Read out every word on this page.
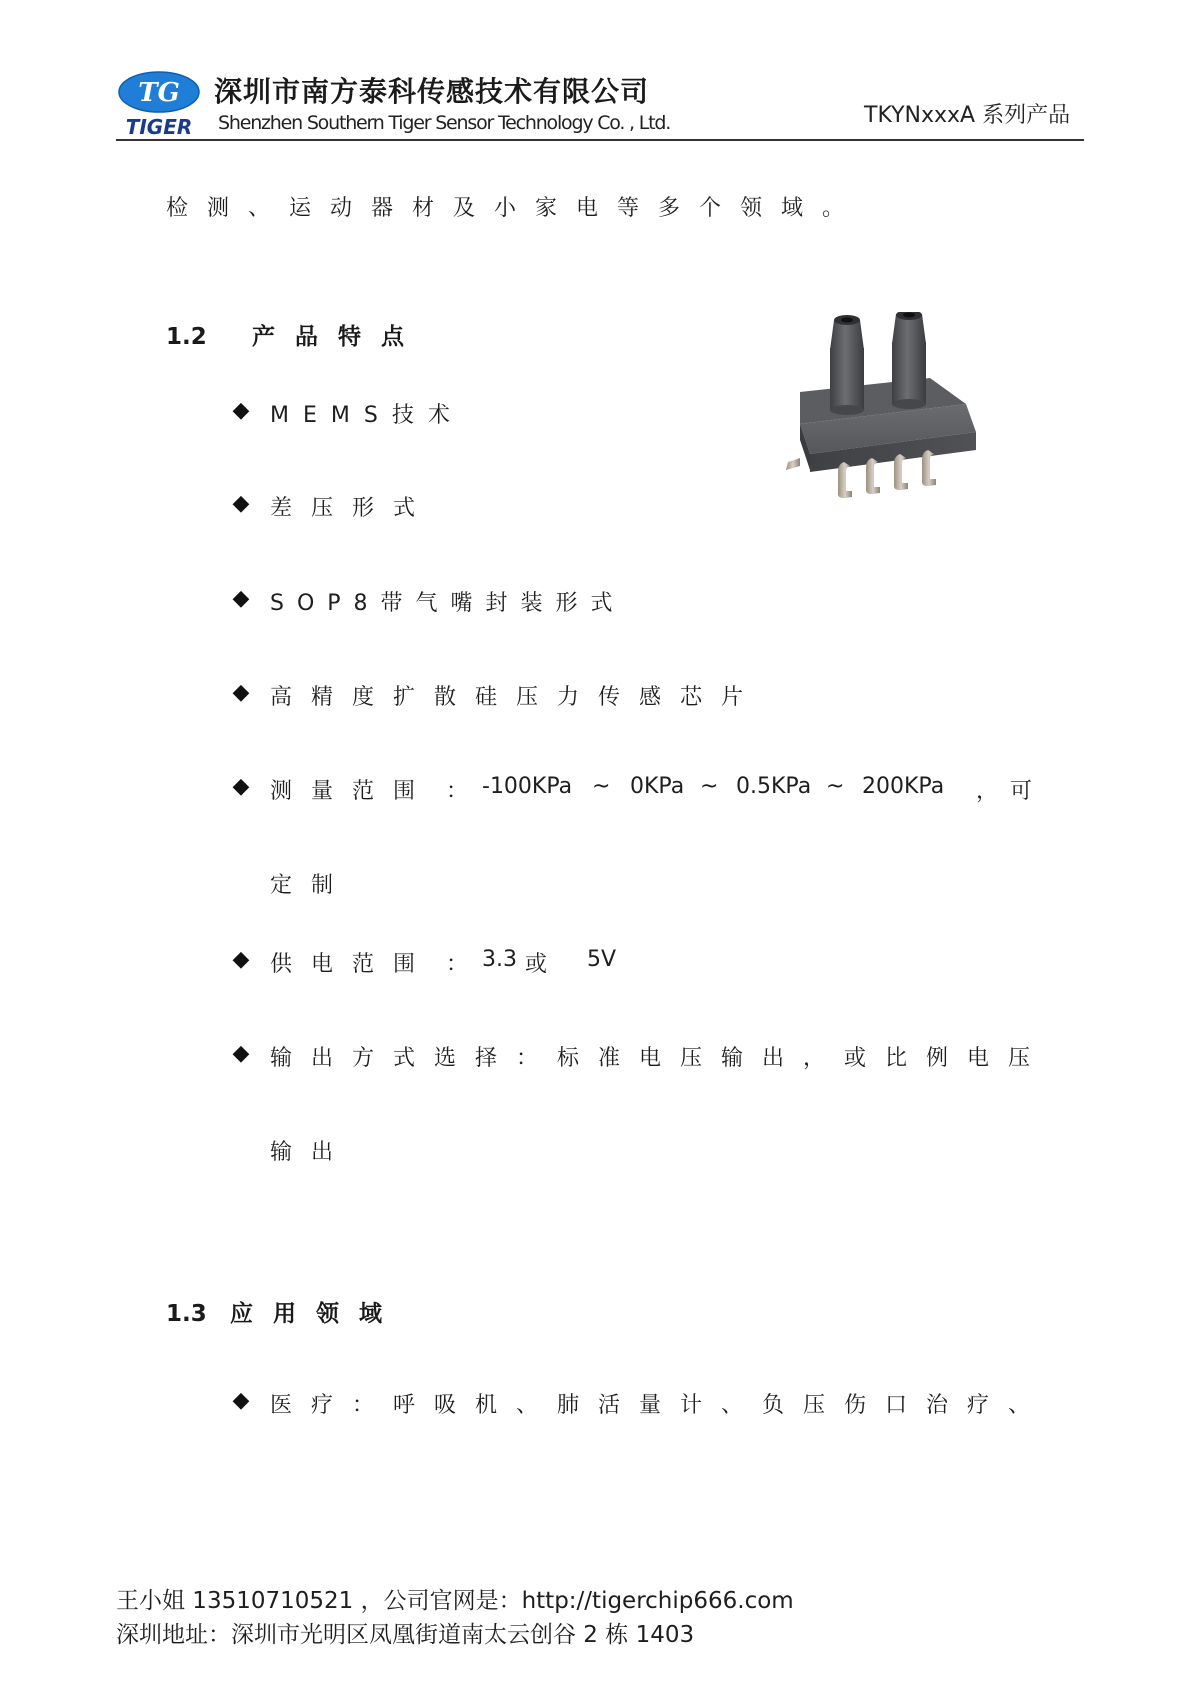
TG
TIGER
深圳市南方泰科传感技术有限公司
Shenzhen Southern Tiger Sensor Technology Co. , Ltd.	TKYNxxxA 系列产品
检测、运动器材及小家电等多个领域。
1.2 产品特点
◆ MEMS技术
◆ 差压形式
◆ SOP8带气嘴封装形式
◆ 高精度扩散硅压力传感芯片
◆ 测量范围 ： -100KPa ~ 0KPa ~ 0.5KPa ~ 200KPa ， 可
定制
◆ 供电范围 ： 3.3 或 5V
◆ 输出方式选择：标准电压输出，或比例电压
输出
1.3 应用领域
◆ 医疗：呼吸机、肺活量计、负压伤口治疗、
王小姐 13510710521 ，公司官网是：http://tigerchip666.com
深圳地址：深圳市光明区凤凰街道南太云创谷 2 栋 1403
